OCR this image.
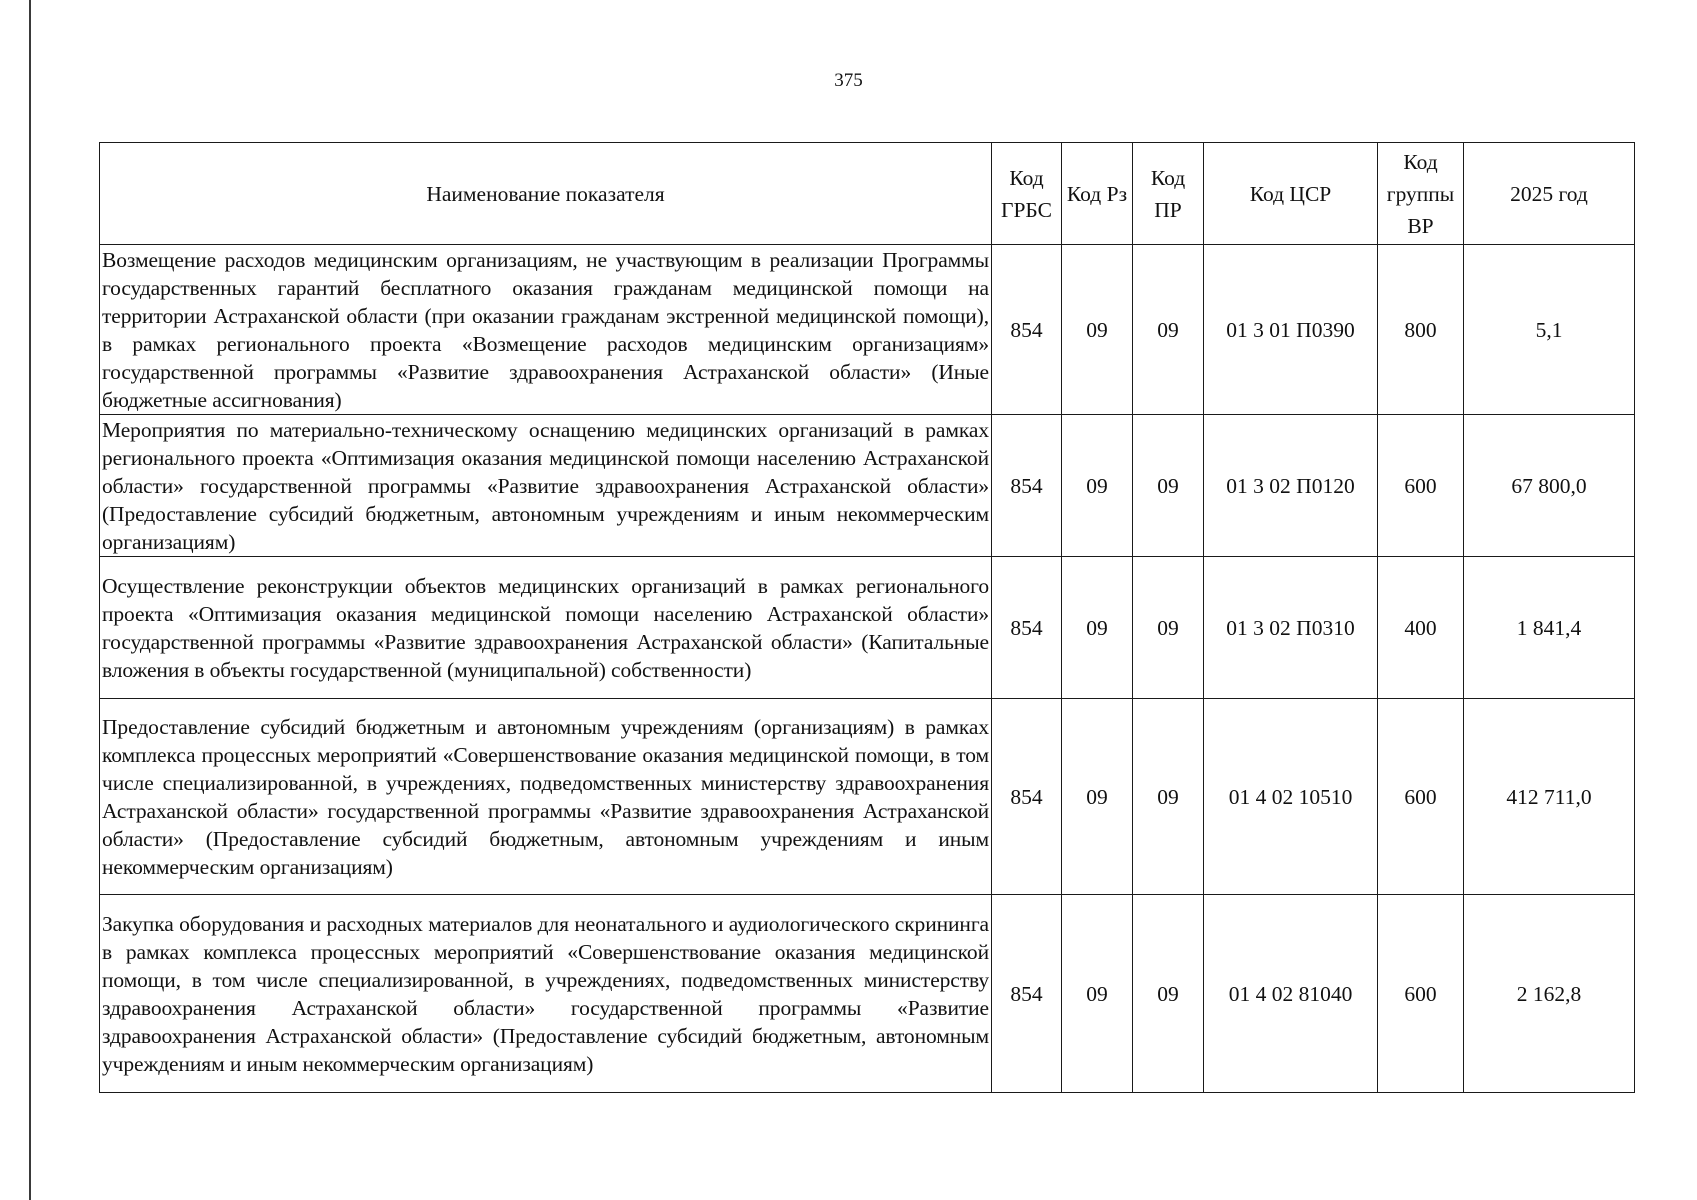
375
Наименование показателя	Код ГРБС	Код Рз	Код ПР	Код ЦСР	Код группы ВР	2025 год
Возмещение расходов медицинским организациям, не участвующим в реализации Программы государственных гарантий бесплатного оказания гражданам медицинской помощи на территории Астраханской области (при оказании гражданам экстренной медицинской помощи), в рамках регионального проекта «Возмещение расходов медицинским организациям» государственной программы «Развитие здравоохранения Астраханской области» (Иные бюджетные ассигнования)	854	09	09	01 3 01 П0390	800	5,1
Мероприятия по материально-техническому оснащению медицинских организаций в рамках регионального проекта «Оптимизация оказания медицинской помощи населению Астраханской области» государственной программы «Развитие здравоохранения Астраханской области» (Предоставление субсидий бюджетным, автономным учреждениям и иным некоммерческим организациям)	854	09	09	01 3 02 П0120	600	67 800,0
Осуществление реконструкции объектов медицинских организаций в рамках регионального проекта «Оптимизация оказания медицинской помощи населению Астраханской области» государственной программы «Развитие здравоохранения Астраханской области» (Капитальные вложения в объекты государственной (муниципальной) собственности)	854	09	09	01 3 02 П0310	400	1 841,4
Предоставление субсидий бюджетным и автономным учреждениям (организациям) в рамках комплекса процессных мероприятий «Совершенствование оказания медицинской помощи, в том числе специализированной, в учреждениях, подведомственных министерству здравоохранения Астраханской области» государственной программы «Развитие здравоохранения Астраханской области» (Предоставление субсидий бюджетным, автономным учреждениям и иным некоммерческим организациям)	854	09	09	01 4 02 10510	600	412 711,0
Закупка оборудования и расходных материалов для неонатального и аудиологического скрининга в рамках комплекса процессных мероприятий «Совершенствование оказания медицинской помощи, в том числе специализированной, в учреждениях, подведомственных министерству здравоохранения Астраханской области» государственной программы «Развитие здравоохранения Астраханской области» (Предоставление субсидий бюджетным, автономным учреждениям и иным некоммерческим организациям)	854	09	09	01 4 02 81040	600	2 162,8
